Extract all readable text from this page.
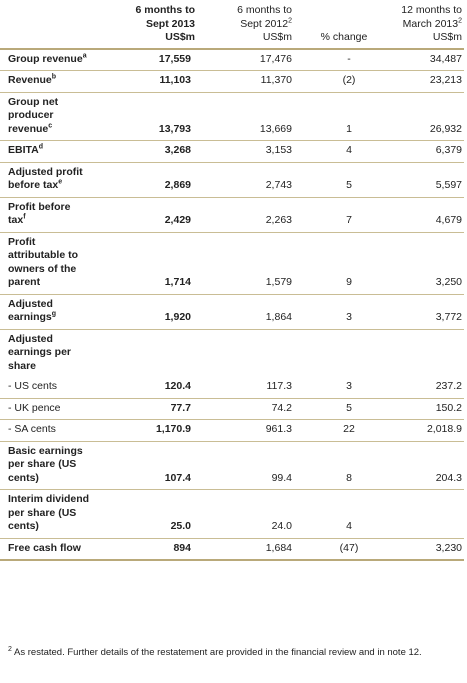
	6 months to
Sept 2013
US$m	6 months to
Sept 2012$^2$
US$m	% change	12 months to
March 2013$^2$
US$m
Group revenue$^a$	17,559	17,476	-	34,487
Revenue$^b$	11,103	11,370	(2)	23,213
Group net
producer
revenue$^c$	13,793	13,669	1	26,932
EBITA$^d$	3,268	3,153	4	6,379
Adjusted profit
before tax$^e$	2,869	2,743	5	5,597
Profit before
tax$^f$	2,429	2,263	7	4,679
Profit
attributable to
owners of the
parent	1,714	1,579	9	3,250
Adjusted
earnings$^g$	1,920	1,864	3	3,772
Adjusted
earnings per
share				
- US cents	120.4	117.3	3	237.2
- UK pence	77.7	74.2	5	150.2
- SA cents	1,170.9	961.3	22	2,018.9
Basic earnings
per share (US
cents)	107.4	99.4	8	204.3
Interim dividend
per share (US
cents)	25.0	24.0	4	
Free cash flow	894	1,684	(47)	3,230
$^2$ As restated. Further details of the restatement are provided in the financial review and in note 12.
